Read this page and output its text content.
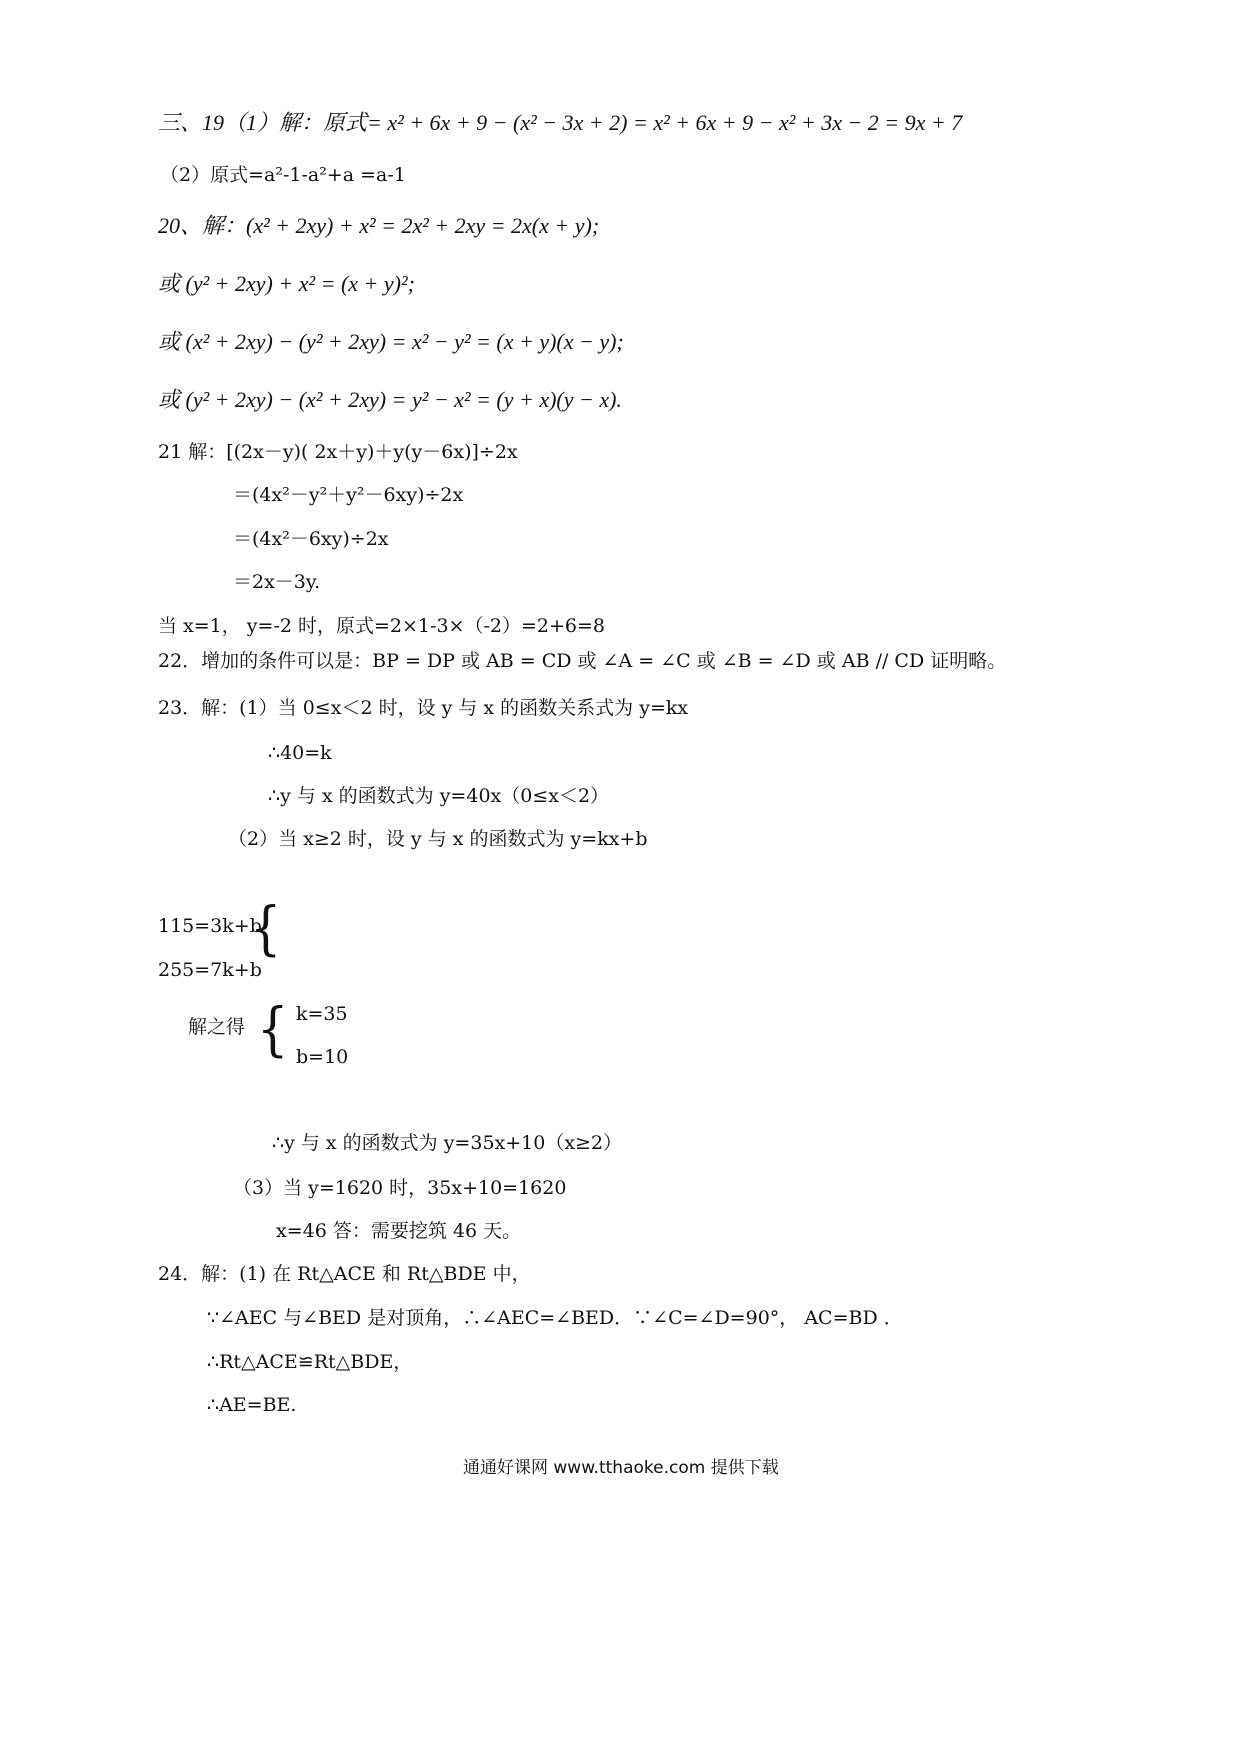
三、19（1）解：原式= x² + 6x + 9 − (x² − 3x + 2) = x² + 6x + 9 − x² + 3x − 2 = 9x + 7
（2）原式=a²-1-a²+a =a-1
20、解：(x² + 2xy) + x² = 2x² + 2xy = 2x(x + y);
或 (y² + 2xy) + x² = (x + y)²;
或 (x² + 2xy) − (y² + 2xy) = x² − y² = (x + y)(x − y);
或 (y² + 2xy) − (x² + 2xy) = y² − x² = (y + x)(y − x).
21 解：[(2x－y)( 2x＋y)＋y(y－6x)]÷2x
＝(4x²－y²＋y²－6xy)÷2x
＝(4x²－6xy)÷2x
＝2x－3y.
当 x=1， y=-2 时，原式=2×1-3×（-2）=2+6=8
22．增加的条件可以是：BP = DP 或 AB = CD 或 ∠A = ∠C 或 ∠B = ∠D 或 AB // CD 证明略。
23．解：(1）当 0≤x＜2 时，设 y 与 x 的函数关系式为 y=kx
∴40=k
∴y 与 x 的函数式为 y=40x（0≤x＜2）
（2）当 x≥2 时，设 y 与 x 的函数式为 y=kx+b
115=3k+b
255=7k+b
{
解之得 { k=35
b=10
∴y 与 x 的函数式为 y=35x+10（x≥2）
（3）当 y=1620 时，35x+10=1620
x=46 答：需要挖筑 46 天。
24．解：(1) 在 Rt△ACE 和 Rt△BDE 中，
∵∠AEC 与∠BED 是对顶角，∴∠AEC=∠BED．∵∠C=∠D=90°， AC=BD ．
∴Rt△ACE≌Rt△BDE，
∴AE=BE.
通通好课网 www.tthaoke.com 提供下载
